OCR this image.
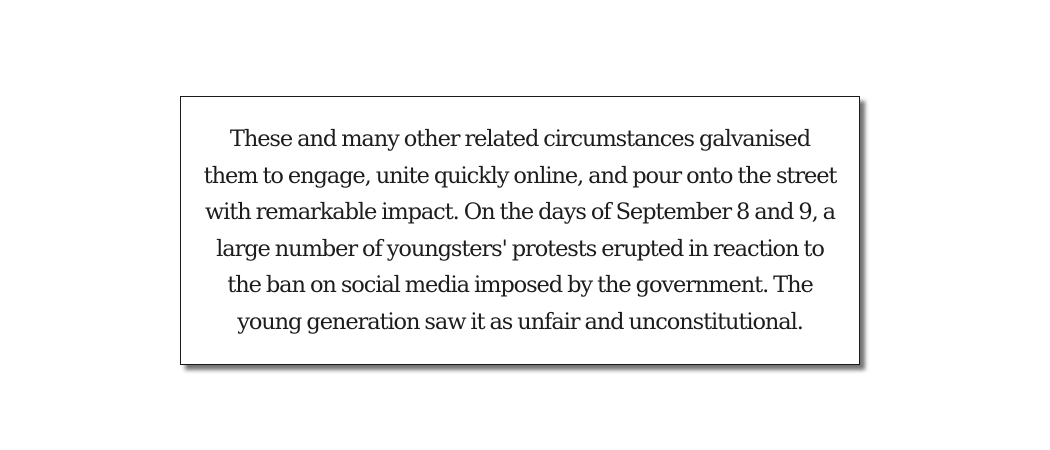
These and many other related circumstances galvanised
them to engage, unite quickly online, and pour onto the street
with remarkable impact. On the days of September 8 and 9, a
large number of youngsters' protests erupted in reaction to
the ban on social media imposed by the government. The
young generation saw it as unfair and unconstitutional.
